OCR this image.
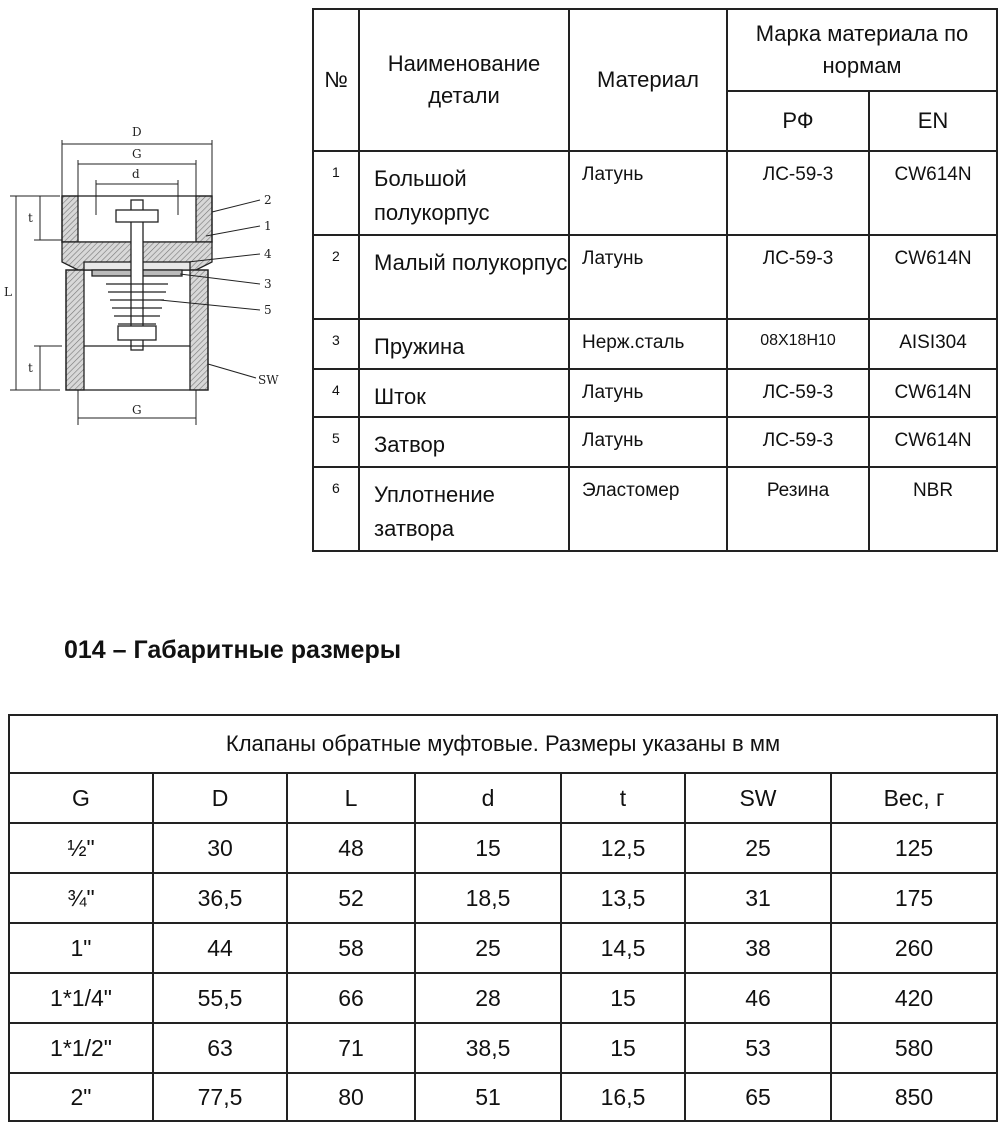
D
G
d
t
L
t
G
2
1
4
3
5
SW
№	Наименование детали	Материал	Марка материала по нормам	
			РФ	EN
1	Большой полукорпус	Латунь	ЛС-59-3	CW614N
2	Малый полукорпус	Латунь	ЛС-59-3	CW614N
3	Пружина	Нерж.сталь	08Х18Н10	AISI304
4	Шток	Латунь	ЛС-59-3	CW614N
5	Затвор	Латунь	ЛС-59-3	CW614N
6	Уплотнение затвора	Эластомер	Резина	NBR
014 – Габаритные размеры
Клапаны обратные муфтовые. Размеры указаны в мм						
G	D	L	d	t	SW	Вес, г
½"	30	48	15	12,5	25	125
¾"	36,5	52	18,5	13,5	31	175
1"	44	58	25	14,5	38	260
1*1/4"	55,5	66	28	15	46	420
1*1/2"	63	71	38,5	15	53	580
2"	77,5	80	51	16,5	65	850
